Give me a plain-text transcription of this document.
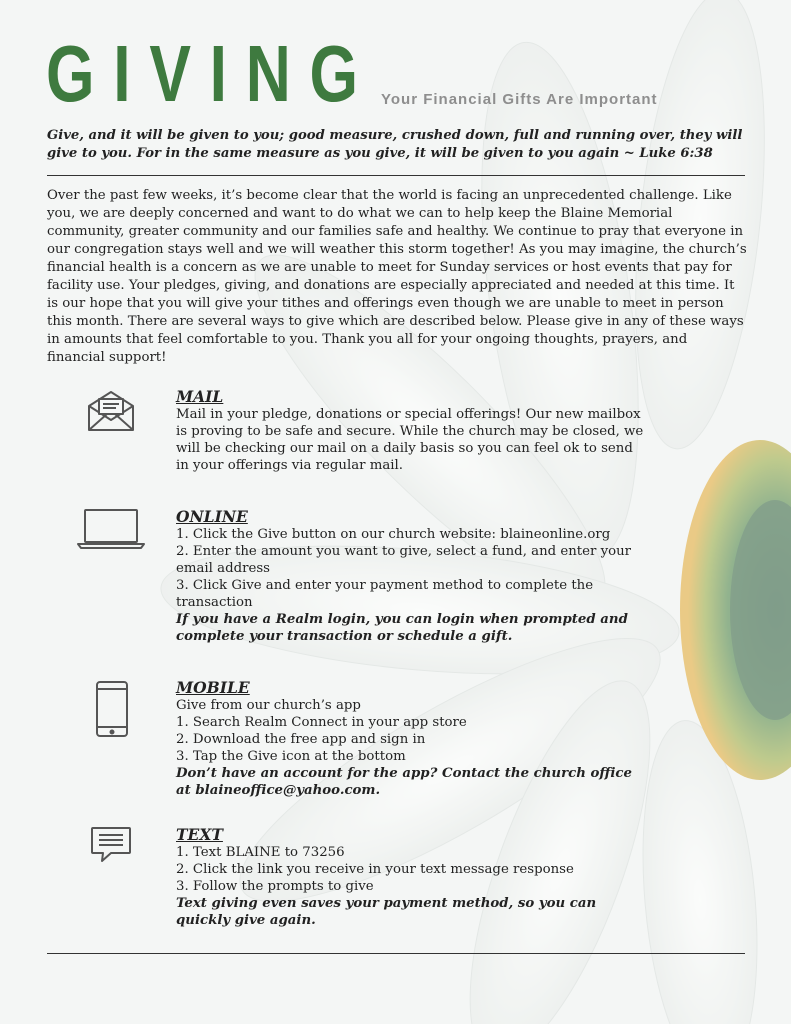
GIVING Your Financial Gifts Are Important
Give, and it will be given to you; good measure, crushed down, full and running over, they will give to you. For in the same measure as you give, it will be given to you again ~ Luke 6:38
Over the past few weeks, it’s become clear that the world is facing an unprecedented challenge. Like you, we are deeply concerned and want to do what we can to help keep the Blaine Memorial community, greater community and our families safe and healthy. We continue to pray that everyone in our congregation stays well and we will weather this storm together! As you may imagine, the church’s financial health is a concern as we are unable to meet for Sunday services or host events that pay for facility use. Your pledges, giving, and donations are especially appreciated and needed at this time. It is our hope that you will give your tithes and offerings even though we are unable to meet in person this month. There are several ways to give which are described below. Please give in any of these ways in amounts that feel comfortable to you. Thank you all for your ongoing thoughts, prayers, and financial support!
MAIL
Mail in your pledge, donations or special offerings! Our new mailbox is proving to be safe and secure. While the church may be closed, we will be checking our mail on a daily basis so you can feel ok to send in your offerings via regular mail.
ONLINE
1. Click the Give button on our church website: blaineonline.org
2. Enter the amount you want to give, select a fund, and enter your email address
3. Click Give and enter your payment method to complete the transaction
If you have a Realm login, you can login when prompted and complete your transaction or schedule a gift.
MOBILE
Give from our church’s app
1. Search Realm Connect in your app store
2. Download the free app and sign in
3. Tap the Give icon at the bottom
Don’t have an account for the app? Contact the church office at blaineoffice@yahoo.com.
TEXT
1. Text BLAINE to 73256
2. Click the link you receive in your text message response
3. Follow the prompts to give
Text giving even saves your payment method, so you can quickly give again.
